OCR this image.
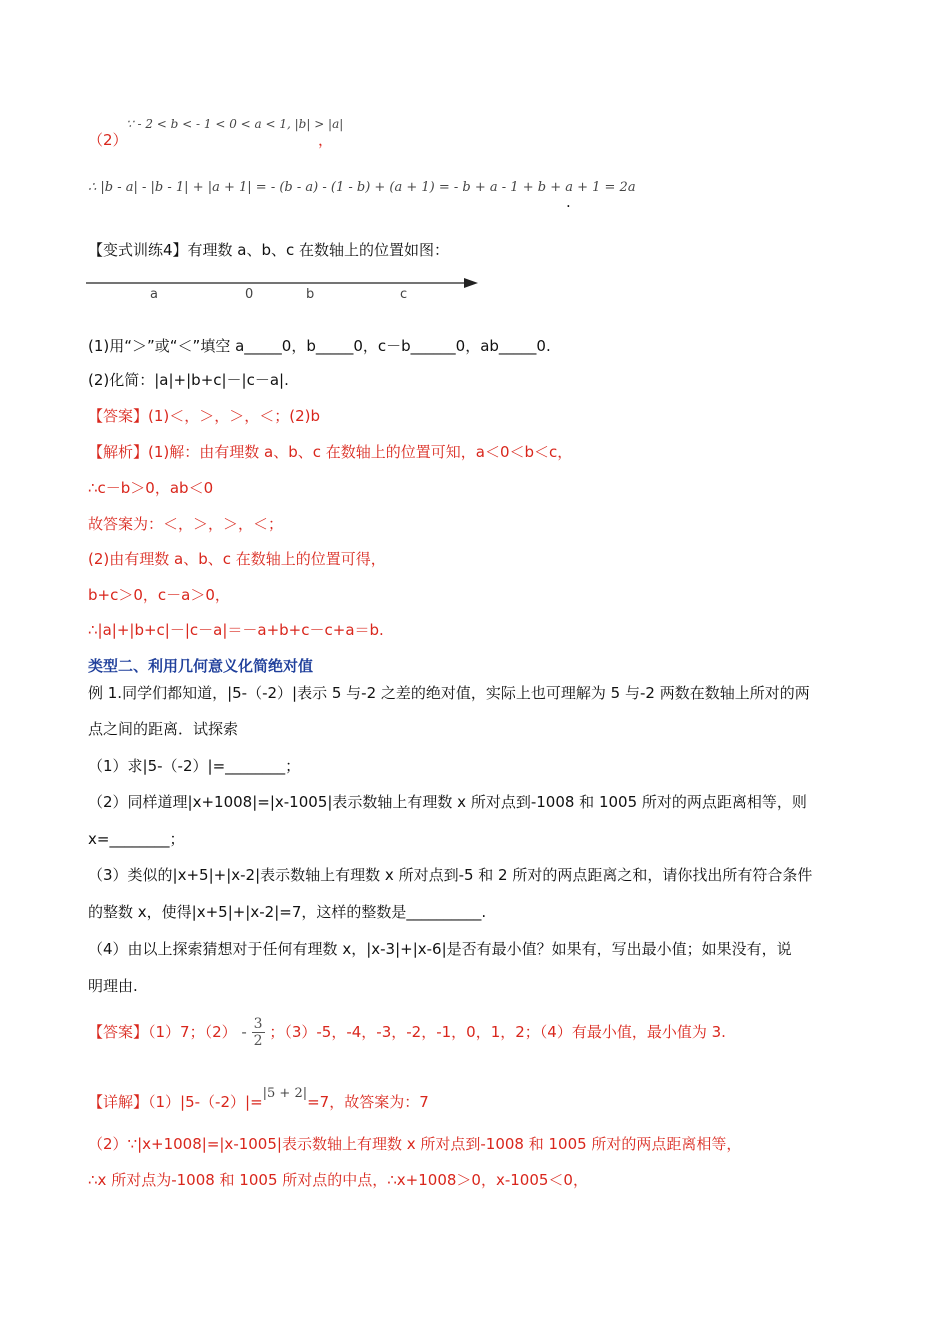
（2）
∵ - 2 < b < - 1 < 0 < a < 1, |b| > |a|
，
∴ |b - a| - |b - 1| + |a + 1| = - (b - a) - (1 - b) + (a + 1) = - b + a - 1 + b + a + 1 = 2a
.
【变式训练4】有理数 a、b、c 在数轴上的位置如图：
a	0	b	c
(1)用“＞”或“＜”填空 a_____0，b_____0，c－b______0，ab_____0.
(2)化简：|a|+|b+c|－|c－a|.
【答案】(1)＜，＞，＞，＜；(2)b
【解析】(1)解：由有理数 a、b、c 在数轴上的位置可知，a＜0＜b＜c，
∴c－b＞0，ab＜0
故答案为：＜，＞，＞，＜；
(2)由有理数 a、b、c 在数轴上的位置可得，
b+c＞0，c－a＞0，
∴|a|+|b+c|－|c－a|＝－a+b+c－c+a＝b.
类型二、利用几何意义化简绝对值
例 1.同学们都知道，|5-（-2）|表示 5 与-2 之差的绝对值，实际上也可理解为 5 与-2 两数在数轴上所对的两
点之间的距离．试探索
（1）求|5-（-2）|=________；
（2）同样道理|x+1008|=|x-1005|表示数轴上有理数 x 所对点到-1008 和 1005 所对的两点距离相等，则
x=________；
（3）类似的|x+5|+|x-2|表示数轴上有理数 x 所对点到-5 和 2 所对的两点距离之和，请你找出所有符合条件
的整数 x，使得|x+5|+|x-2|=7，这样的整数是__________.
（4）由以上探索猜想对于任何有理数 x，|x-3|+|x-6|是否有最小值？如果有，写出最小值；如果没有，说
明理由.
【答案】（1）7；$(2) - \frac{3}{2}$ ；（3）-5，-4，-3，-2，-1，0，1，2；（4）有最小值，最小值为 3.
【详解】（1）|5-（-2）|=|5 + 2|=7，故答案为：7
（2）∵|x+1008|=|x-1005|表示数轴上有理数 x 所对点到-1008 和 1005 所对的两点距离相等，
∴x 所对点为-1008 和 1005 所对点的中点，∴x+1008＞0，x-1005＜0，
